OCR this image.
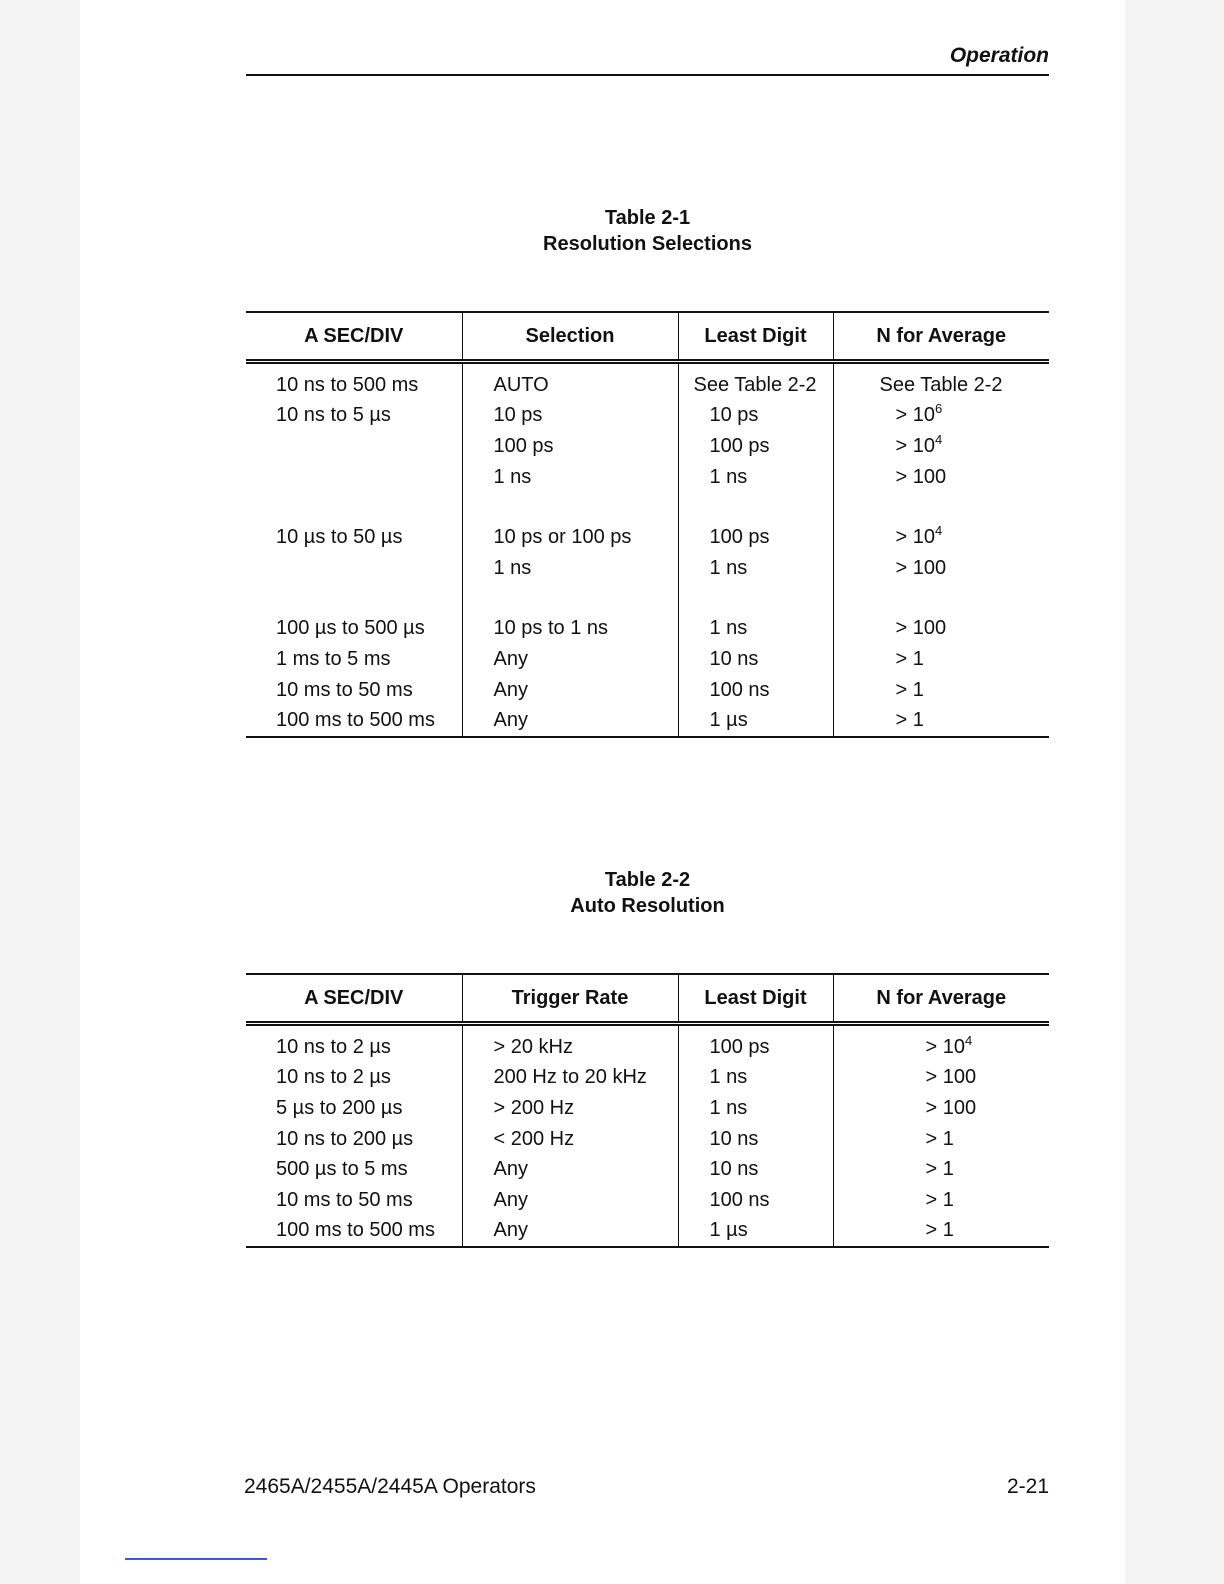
Operation
Table 2-1
Resolution Selections
A SEC/DIV	Selection	Least Digit	N for Average
10 ns to 500 ms	AUTO	See Table 2-2	See Table 2-2
10 ns to 5 µs	10 ps	10 ps	> $10^6$
	100 ps	100 ps	> $10^4$
	1 ns	1 ns	> 100

10 µs to 50 µs	10 ps or 100 ps	100 ps	> $10^4$
	1 ns	1 ns	> 100

100 µs to 500 µs	10 ps to 1 ns	1 ns	> 100
1 ms to 5 ms	Any	10 ns	> 1
10 ms to 50 ms	Any	100 ns	> 1
100 ms to 500 ms	Any	1 µs	> 1
Table 2-2
Auto Resolution
A SEC/DIV	Trigger Rate	Least Digit	N for Average
10 ns to 2 µs	> 20 kHz	100 ps	> $10^4$
10 ns to 2 µs	200 Hz to 20 kHz	1 ns	> 100
5 µs to 200 µs	> 200 Hz	1 ns	> 100
10 ns to 200 µs	< 200 Hz	10 ns	> 1
500 µs to 5 ms	Any	10 ns	> 1
10 ms to 50 ms	Any	100 ns	> 1
100 ms to 500 ms	Any	1 µs	> 1
2465A/2455A/2445A Operators	2-21
